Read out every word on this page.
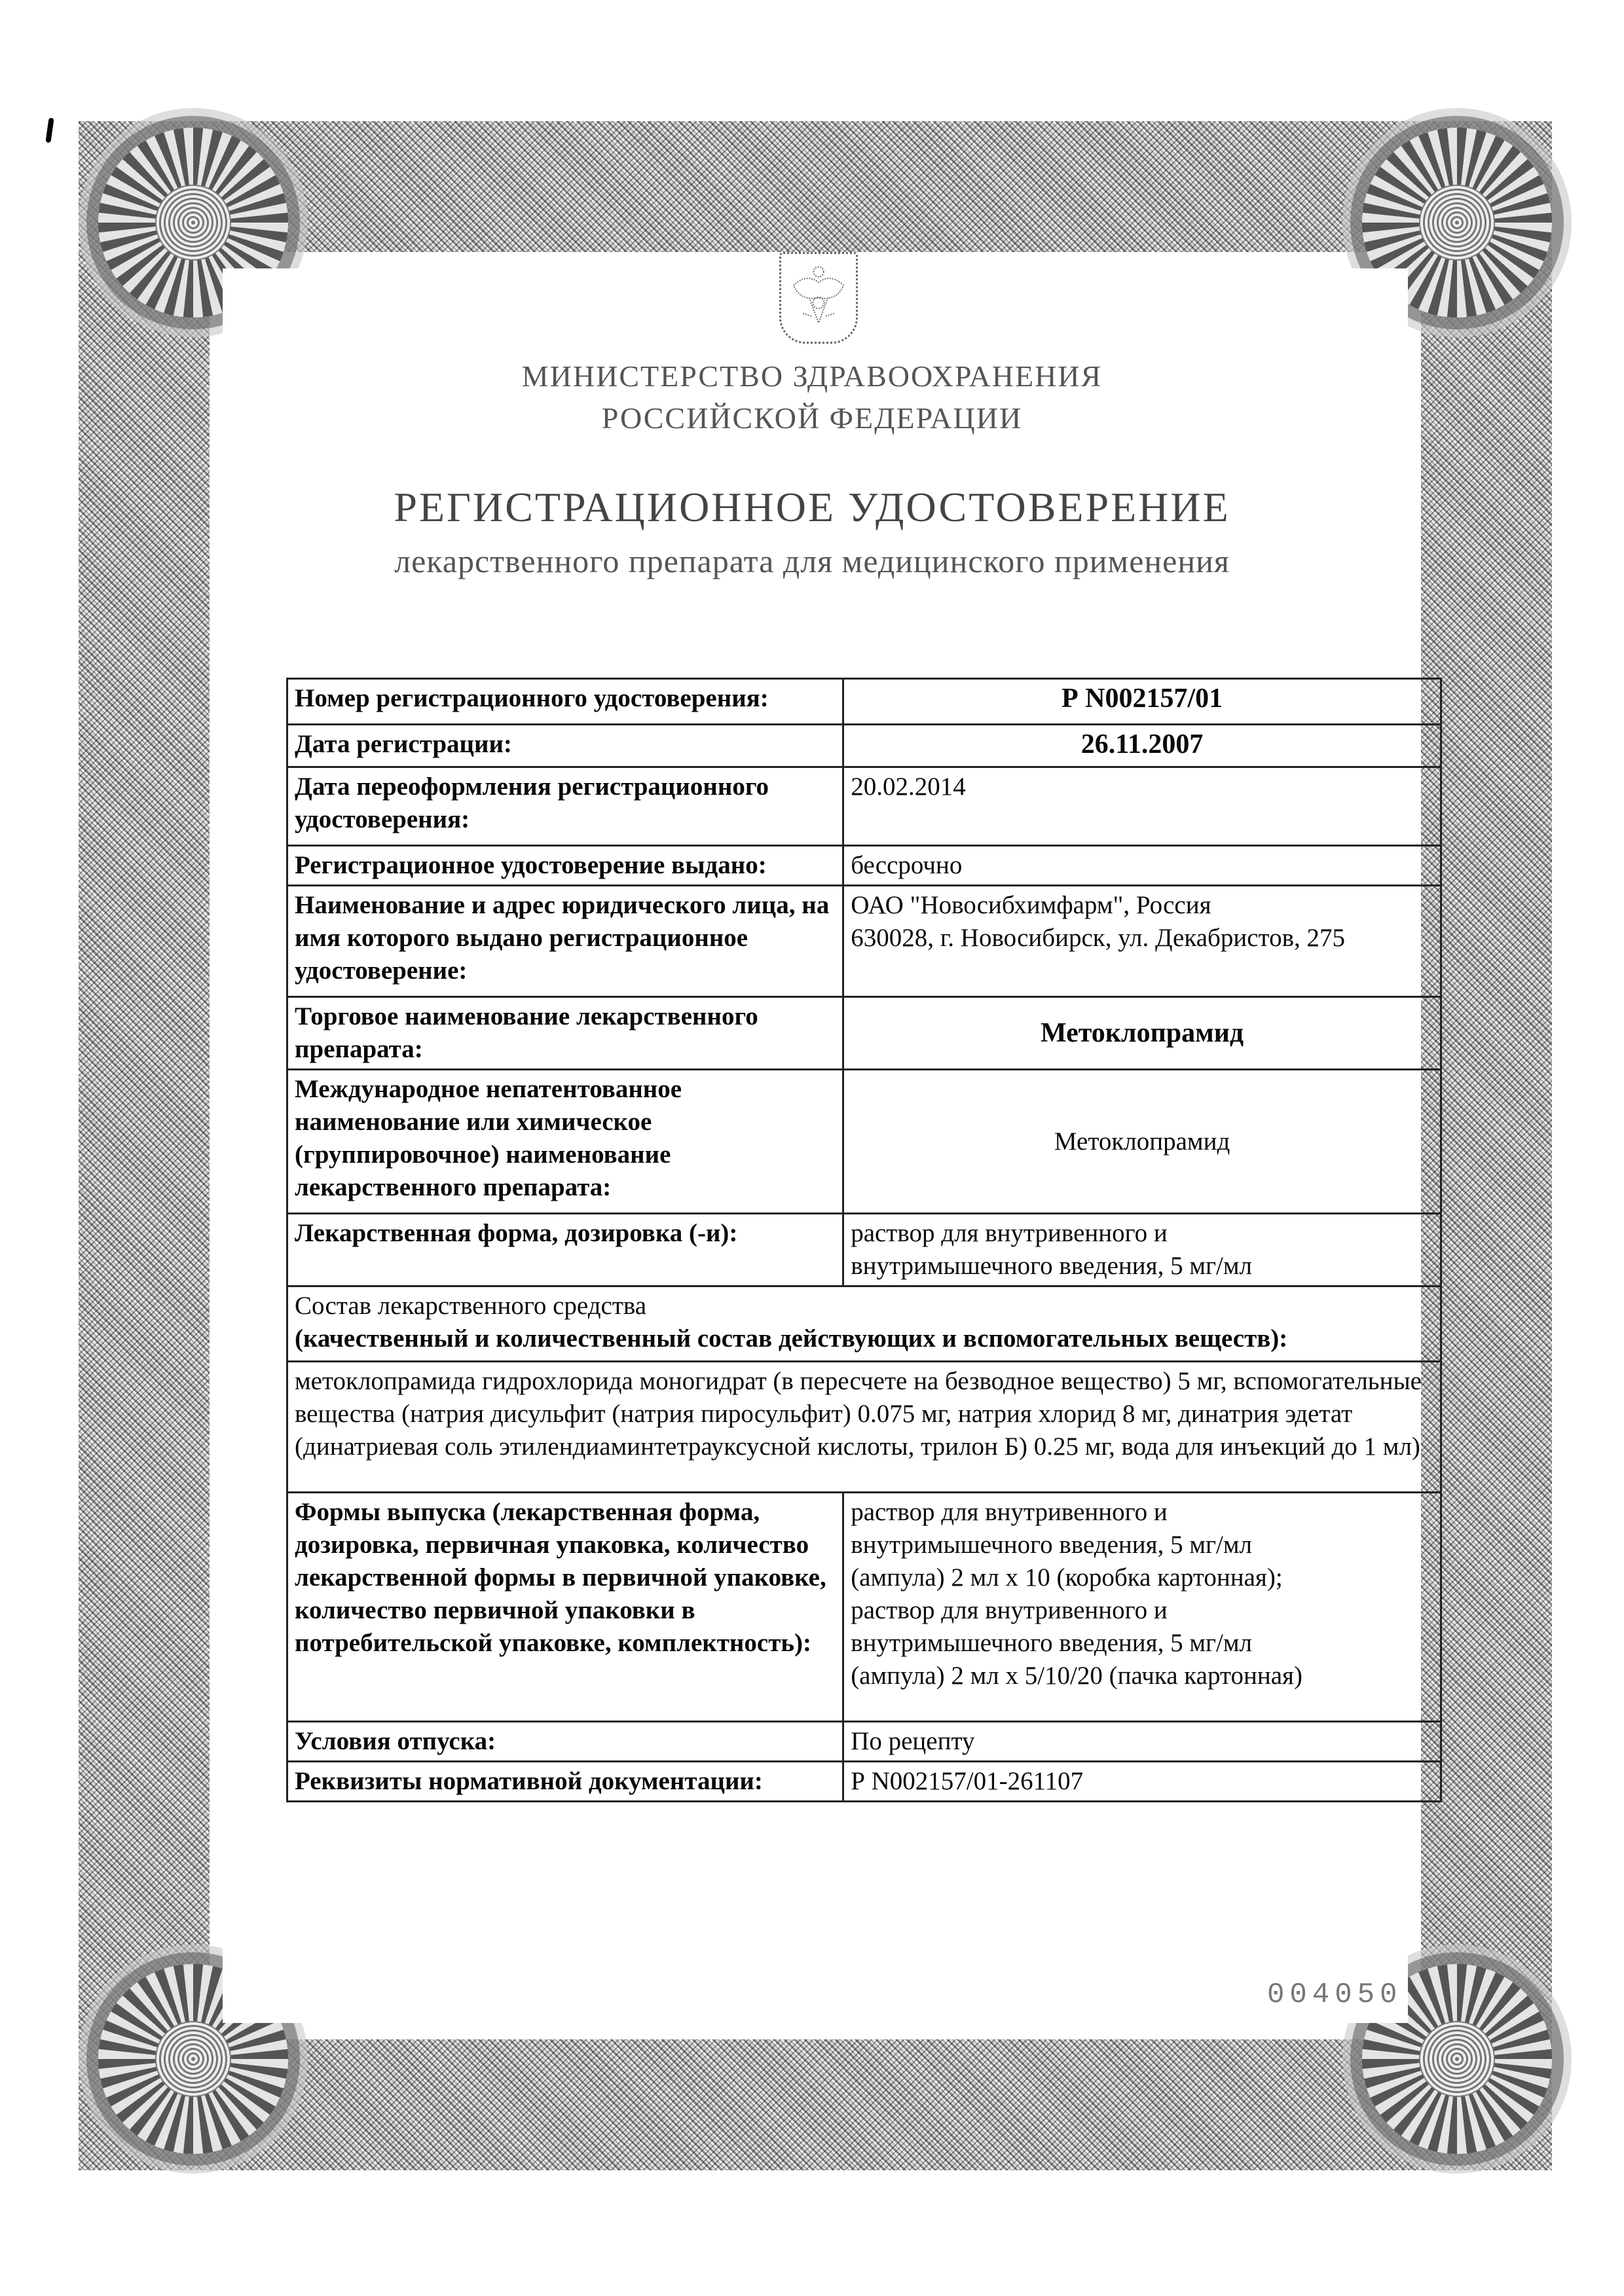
МИНИСТЕРСТВО ЗДРАВООХРАНЕНИЯ
РОССИЙСКОЙ ФЕДЕРАЦИИ
РЕГИСТРАЦИОННОЕ УДОСТОВЕРЕНИЕ
лекарственного препарата для медицинского применения
Номер регистрационного удостоверения:	Р N002157/01
Дата регистрации:	26.11.2007
Дата переоформления регистрационного удостоверения:	20.02.2014
Регистрационное удостоверение выдано:	бессрочно
Наименование и адрес юридического лица, на имя которого выдано регистрационное удостоверение:	ОАО "Новосибхимфарм", Россия
630028, г. Новосибирск, ул. Декабристов, 275

Торговое наименование лекарственного препарата:	Метоклопрамид
Международное непатентованное наименование или химическое (группировочное) наименование лекарственного препарата:	Метоклопрамид
Лекарственная форма, дозировка (-и):	раствор для внутривенного и
внутримышечного введения, 5 мг/мл

Состав лекарственного средства
(качественный и количественный состав действующих и вспомогательных веществ):	

метоклопрамида гидрохлорида моногидрат (в пересчете на безводное вещество) 5 мг, вспомогательные вещества (натрия дисульфит (натрия пиросульфит) 0.075 мг, натрия хлорид 8 мг, динатрия эдетат (динатриевая соль этилендиаминтетрауксусной кислоты, трилон Б) 0.25 мг, вода для инъекций до 1 мл)	
Формы выпуска (лекарственная форма, дозировка, первичная упаковка, количество лекарственной формы в первичной упаковке, количество первичной упаковки в потребительской упаковке, комплектность):	
раствор для внутривенного и
внутримышечного введения, 5 мг/мл
(ампула) 2 мл х 10 (коробка картонная);
раствор для внутривенного и
внутримышечного введения, 5 мг/мл
(ампула) 2 мл х 5/10/20 (пачка картонная)

Условия отпуска:	По рецепту
Реквизиты нормативной документации:	Р N002157/01-261107
004050
